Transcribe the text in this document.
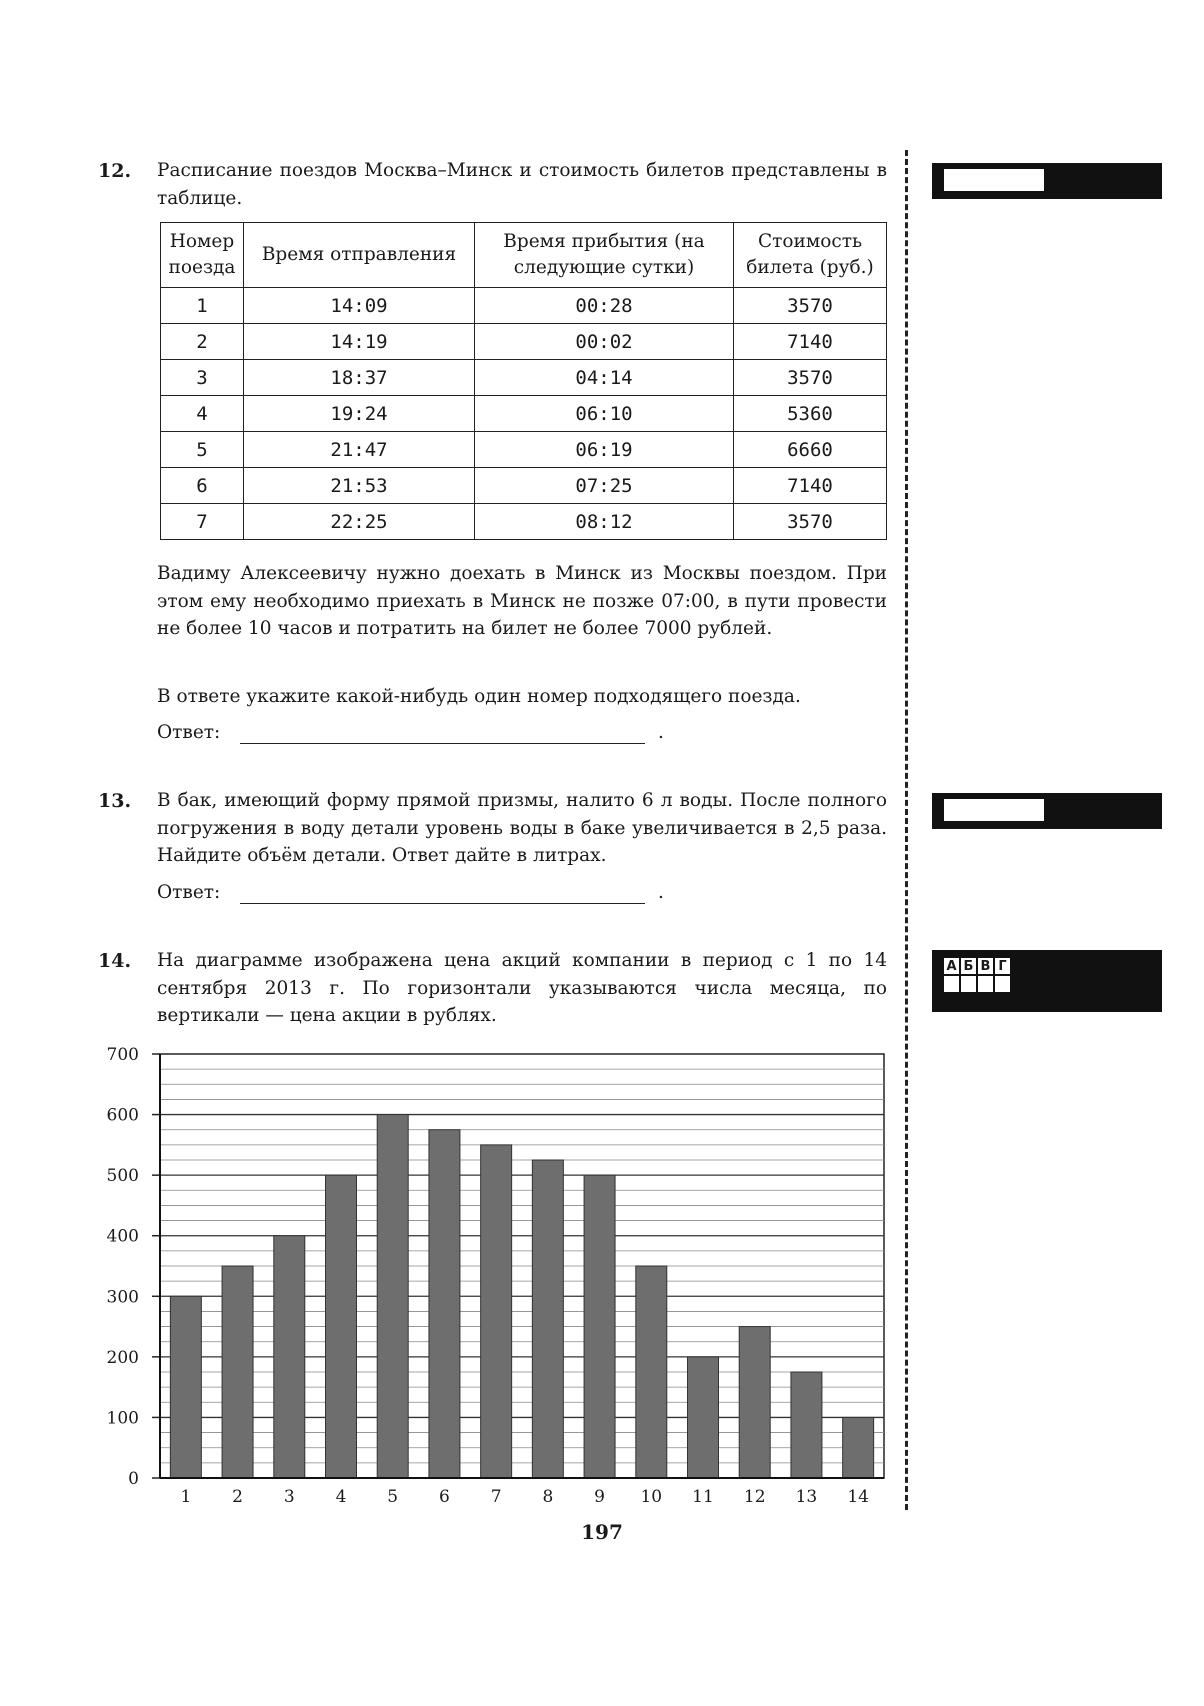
12. Расписание поездов Москва–Минск и стоимость билетов представлены в таблице.
Номер поезда	Время отправления	Время прибытия (на следующие сутки)	Стоимость билета (руб.)
1	14:09	00:28	3570
2	14:19	00:02	7140
3	18:37	04:14	3570
4	19:24	06:10	5360
5	21:47	06:19	6660
6	21:53	07:25	7140
7	22:25	08:12	3570
Вадиму Алексеевичу нужно доехать в Минск из Москвы поездом. При этом ему необходимо приехать в Минск не позже 07:00, в пути провести не более 10 часов и потратить на билет не более 7000 рублей.
В ответе укажите какой-нибудь один номер подходящего поезда.
Ответ:	.
13. В бак, имеющий форму прямой призмы, налито 6 л воды. После полного погружения в воду детали уровень воды в баке увеличивается в 2,5 раза. Найдите объём детали. Ответ дайте в литрах.
Ответ:	.
14. На диаграмме изображена цена акций компании в период с 1 по 14 сентября 2013 г. По горизонтали указываются числа месяца, по вертикали — цена акции в рублях.
А Б В Г
0
100
200
300
400
500
600
700
1 2 3 4 5 6 7 8 9 10 11 12 13 14
197
